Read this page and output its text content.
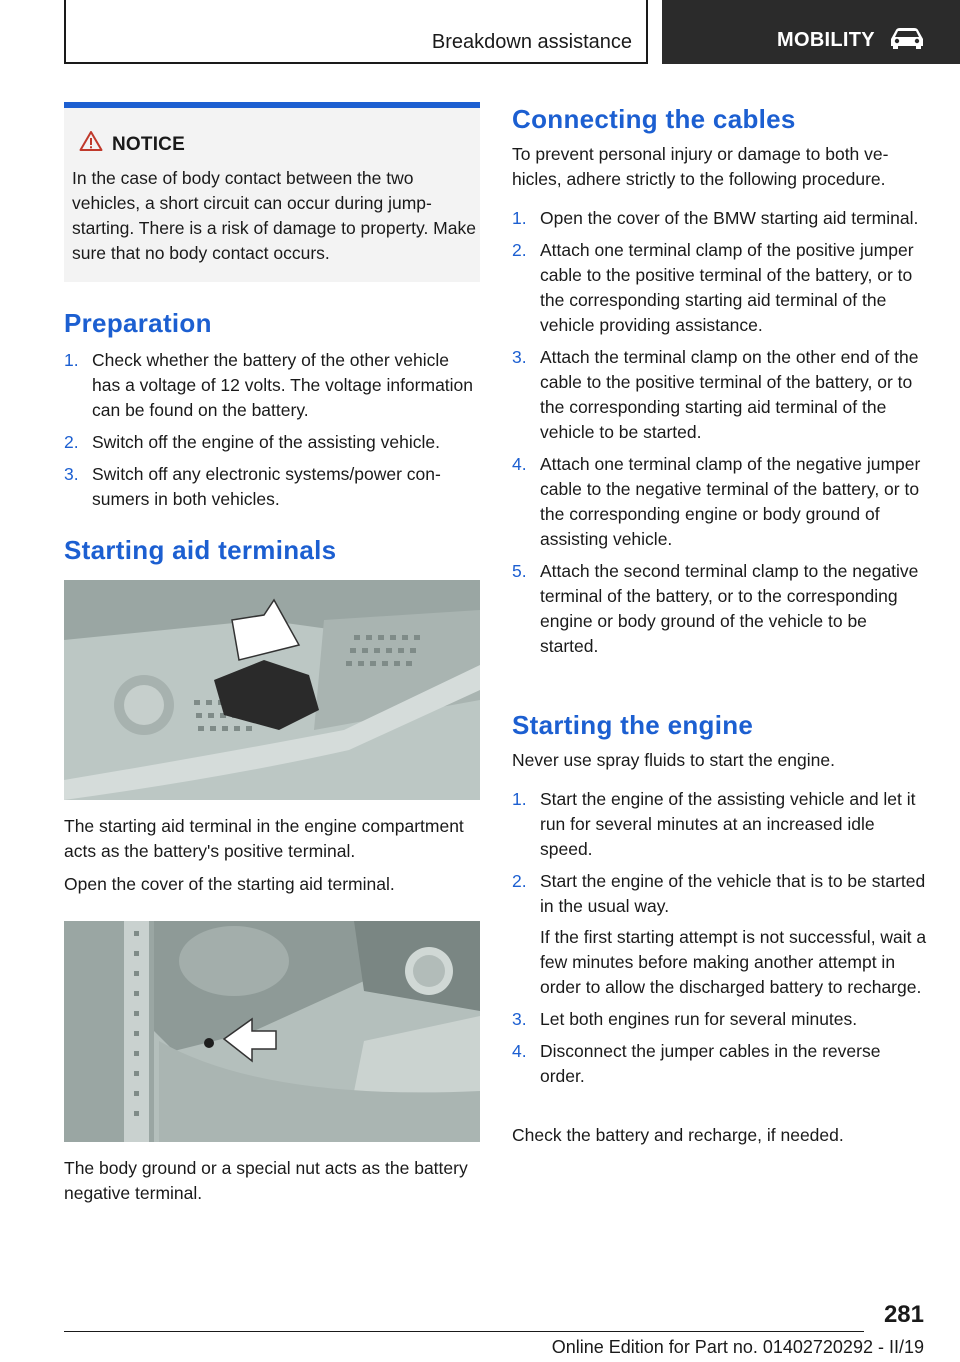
Breakdown assistance	MOBILITY
NOTICE
In the case of body contact between the two vehicles, a short circuit can occur during jump-starting. There is a risk of damage to property. Make sure that no body contact occurs.
Preparation
1. Check whether the battery of the other vehicle has a voltage of 12 volts. The voltage information can be found on the battery.
2. Switch off the engine of the assisting vehicle.
3. Switch off any electronic systems/power consumers in both vehicles.
Starting aid terminals
The starting aid terminal in the engine compartment acts as the battery's positive terminal.
Open the cover of the starting aid terminal.
The body ground or a special nut acts as the battery negative terminal.
Connecting the cables
To prevent personal injury or damage to both vehicles, adhere strictly to the following procedure.
1. Open the cover of the BMW starting aid terminal.
2. Attach one terminal clamp of the positive jumper cable to the positive terminal of the battery, or to the corresponding starting aid terminal of the vehicle providing assistance.
3. Attach the terminal clamp on the other end of the cable to the positive terminal of the battery, or to the corresponding starting aid terminal of the vehicle to be started.
4. Attach one terminal clamp of the negative jumper cable to the negative terminal of the battery, or to the corresponding engine or body ground of assisting vehicle.
5. Attach the second terminal clamp to the negative terminal of the battery, or to the corresponding engine or body ground of the vehicle to be started.
Starting the engine
Never use spray fluids to start the engine.
1. Start the engine of the assisting vehicle and let it run for several minutes at an increased idle speed.
2. Start the engine of the vehicle that is to be started in the usual way.
If the first starting attempt is not successful, wait a few minutes before making another attempt in order to allow the discharged battery to recharge.
3. Let both engines run for several minutes.
4. Disconnect the jumper cables in the reverse order.
Check the battery and recharge, if needed.
281
Online Edition for Part no. 01402720292 - II/19
